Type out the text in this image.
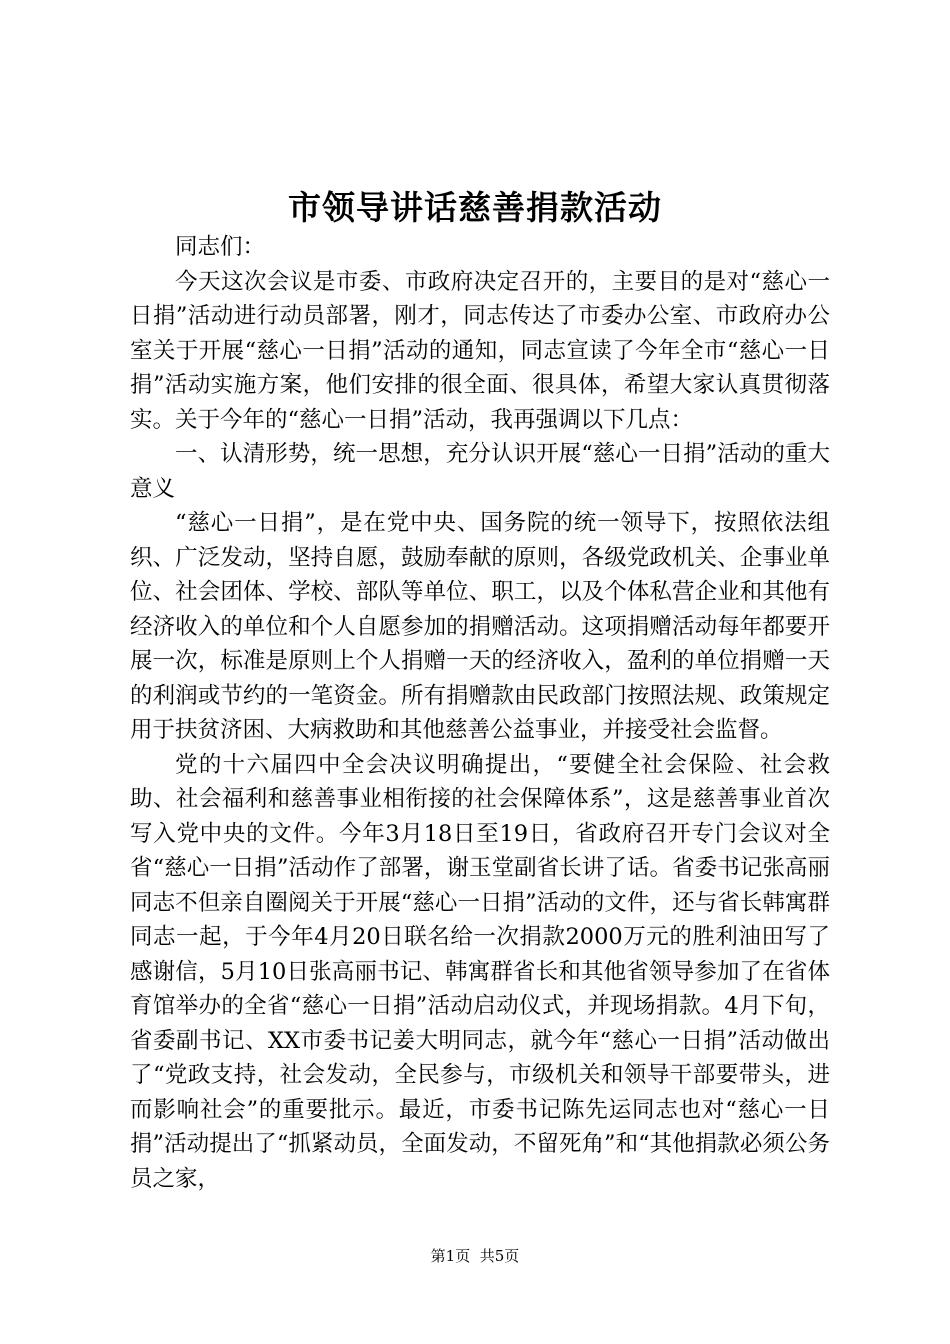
市领导讲话慈善捐款活动

同志们：

今天这次会议是市委、市政府决定召开的，主要目的是对“慈心一日捐”活动进行动员部署，刚才，同志传达了市委办公室、市政府办公室关于开展“慈心一日捐”活动的通知，同志宣读了今年全市“慈心一日捐”活动实施方案，他们安排的很全面、很具体，希望大家认真贯彻落实。关于今年的“慈心一日捐”活动，我再强调以下几点：

一、认清形势，统一思想，充分认识开展“慈心一日捐”活动的重大意义

“慈心一日捐”，是在党中央、国务院的统一领导下，按照依法组织、广泛发动，坚持自愿，鼓励奉献的原则，各级党政机关、企事业单位、社会团体、学校、部队等单位、职工，以及个体私营企业和其他有经济收入的单位和个人自愿参加的捐赠活动。这项捐赠活动每年都要开展一次，标准是原则上个人捐赠一天的经济收入，盈利的单位捐赠一天的利润或节约的一笔资金。所有捐赠款由民政部门按照法规、政策规定用于扶贫济困、大病救助和其他慈善公益事业，并接受社会监督。

党的十六届四中全会决议明确提出，“要健全社会保险、社会救助、社会福利和慈善事业相衔接的社会保障体系”，这是慈善事业首次写入党中央的文件。今年3月18日至19日，省政府召开专门会议对全省“慈心一日捐”活动作了部署，谢玉堂副省长讲了话。省委书记张高丽同志不但亲自圈阅关于开展“慈心一日捐”活动的文件，还与省长韩寓群同志一起，于今年4月20日联名给一次捐款2000万元的胜利油田写了感谢信，5月10日张高丽书记、韩寓群省长和其他省领导参加了在省体育馆举办的全省“慈心一日捐”活动启动仪式，并现场捐款。4月下旬，省委副书记、XX市委书记姜大明同志，就今年“慈心一日捐”活动做出了“党政支持，社会发动，全民参与，市级机关和领导干部要带头，进而影响社会”的重要批示。最近，市委书记陈先运同志也对“慈心一日捐”活动提出了“抓紧动员，全面发动，不留死角”和“其他捐款必须公务员之家，

第1页 共5页
